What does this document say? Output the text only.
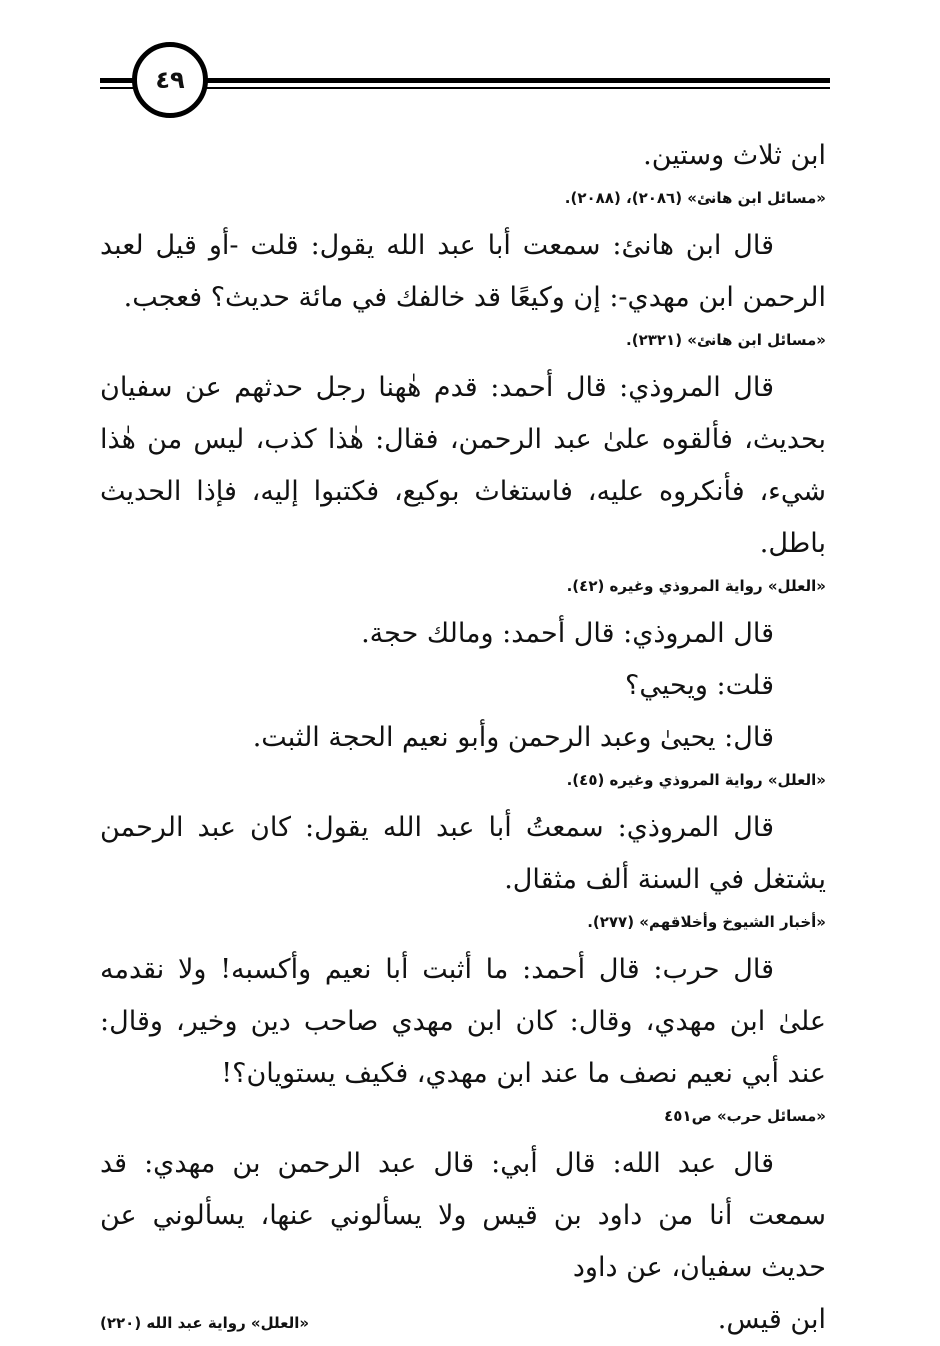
٤٩

ابن ثلاث وستين.

«مسائل ابن هانئ» (٢٠٨٦)، (٢٠٨٨).

قال ابن هانئ: سمعت أبا عبد الله يقول: قلت -أو قيل لعبد الرحمن ابن مهدي-: إن وكيعًا قد خالفك في مائة حديث؟ فعجب.

«مسائل ابن هانئ» (٢٣٢١).

قال المروذي: قال أحمد: قدم هٰهنا رجل حدثهم عن سفيان بحديث، فألقوه علىٰ عبد الرحمن، فقال: هٰذا كذب، ليس من هٰذا شيء، فأنكروه عليه، فاستغاث بوكيع، فكتبوا إليه، فإذا الحديث باطل.

«العلل» رواية المروذي وغيره (٤٢).

قال المروذي: قال أحمد: ومالك حجة.

قلت: ويحيي؟

قال: يحيىٰ وعبد الرحمن وأبو نعيم الحجة الثبت.

«العلل» رواية المروذي وغيره (٤٥).

قال المروذي: سمعتُ أبا عبد الله يقول: كان عبد الرحمن يشتغل في السنة ألف مثقال.

«أخبار الشيوخ وأخلاقهم» (٢٧٧).

قال حرب: قال أحمد: ما أثبت أبا نعيم وأكسبه! ولا نقدمه علىٰ ابن مهدي، وقال: كان ابن مهدي صاحب دين وخير، وقال: عند أبي نعيم نصف ما عند ابن مهدي، فكيف يستويان؟!

«مسائل حرب» ص٤٥١

قال عبد الله: قال أبي: قال عبد الرحمن بن مهدي: قد سمعت أنا من داود بن قيس ولا يسألوني عنها، يسألوني عن حديث سفيان، عن داود

ابن قيس.
«العلل» رواية عبد الله (٢٢٠)
